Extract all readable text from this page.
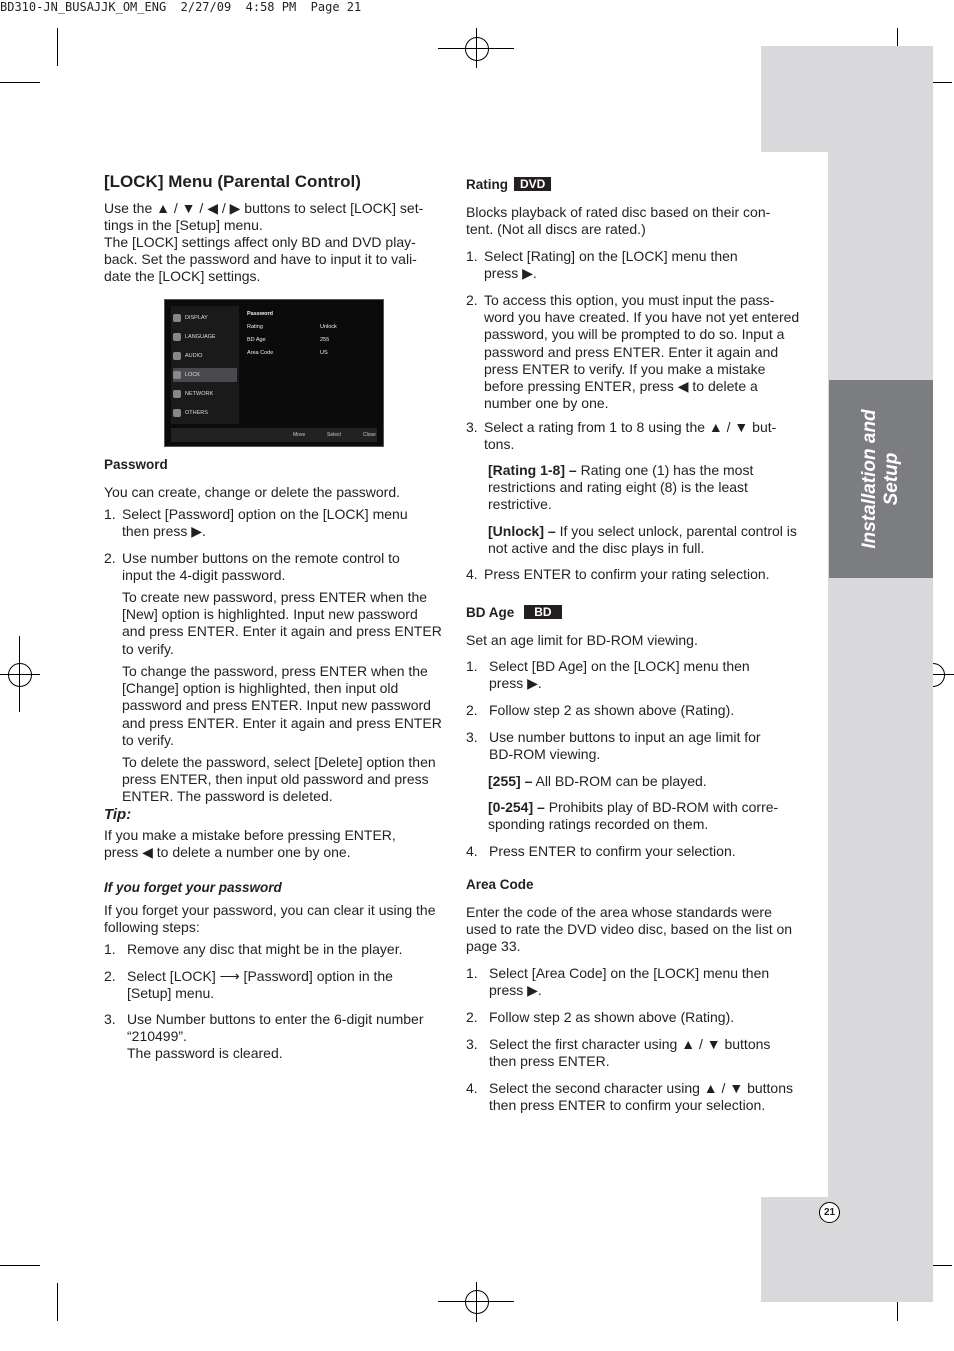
BD310-JN_BUSAJJK_OM_ENG  2/27/09  4:58 PM  Page 21
Installation and Setup
21
[LOCK] Menu (Parental Control)

Use the ▲ / ▼ / ◀ / ▶ buttons to select [LOCK] set-tings in the [Setup] menu.

The [LOCK] settings affect only BD and DVD play-back. Set the password and have to input it to vali-date the [LOCK] settings.

DISPLAY
LANGUAGE
AUDIO
LOCK
NETWORK
OTHERS
Password
Rating	Unlock
BD Age	255
Area Code	US
Move	Select	Close
Password

You can create, change or delete the password.

1. Select [Password] option on the [LOCK] menu then press ▶.
2. Use number buttons on the remote control to input the 4-digit password.

To create new password, press ENTER when the [New] option is highlighted. Input new password and press ENTER. Enter it again and press ENTER to verify.

To change the password, press ENTER when the [Change] option is highlighted, then input old password and press ENTER. Input new password and press ENTER. Enter it again and press ENTER to verify.

To delete the password, select [Delete] option then press ENTER, then input old password and press ENTER. The password is deleted.

Tip:

If you make a mistake before pressing ENTER, press ◀ to delete a number one by one.

If you forget your password

If you forget your password, you can clear it using the following steps:

1. Remove any disc that might be in the player.
2. Select [LOCK] ⟶ [Password] option in the [Setup] menu.
3. Use Number buttons to enter the 6-digit number “210499”.
The password is cleared.
Rating DVD

Blocks playback of rated disc based on their con-tent. (Not all discs are rated.)

1. Select [Rating] on the [LOCK] menu then press ▶.
2. To access this option, you must input the pass-word you have created. If you have not yet entered password, you will be prompted to do so. Input a password and press ENTER. Enter it again and press ENTER to verify. If you make a mistake before pressing ENTER, press ◀ to delete a number one by one.
3. Select a rating from 1 to 8 using the ▲ / ▼ but-tons.

[Rating 1-8] – Rating one (1) has the most restrictions and rating eight (8) is the least restrictive.

[Unlock] – If you select unlock, parental control is not active and the disc plays in full.

4. Press ENTER to confirm your rating selection.
BD Age BD

Set an age limit for BD-ROM viewing.

1. Select [BD Age] on the [LOCK] menu then press ▶.
2. Follow step 2 as shown above (Rating).
3. Use number buttons to input an age limit for BD-ROM viewing.

[255] – All BD-ROM can be played.

[0-254] – Prohibits play of BD-ROM with corre-sponding ratings recorded on them.

4. Press ENTER to confirm your selection.
Area Code

Enter the code of the area whose standards were used to rate the DVD video disc, based on the list on page 33.

1. Select [Area Code] on the [LOCK] menu then press ▶.
2. Follow step 2 as shown above (Rating).
3. Select the first character using ▲ / ▼ buttons then press ENTER.
4. Select the second character using ▲ / ▼ buttons then press ENTER to confirm your selection.
